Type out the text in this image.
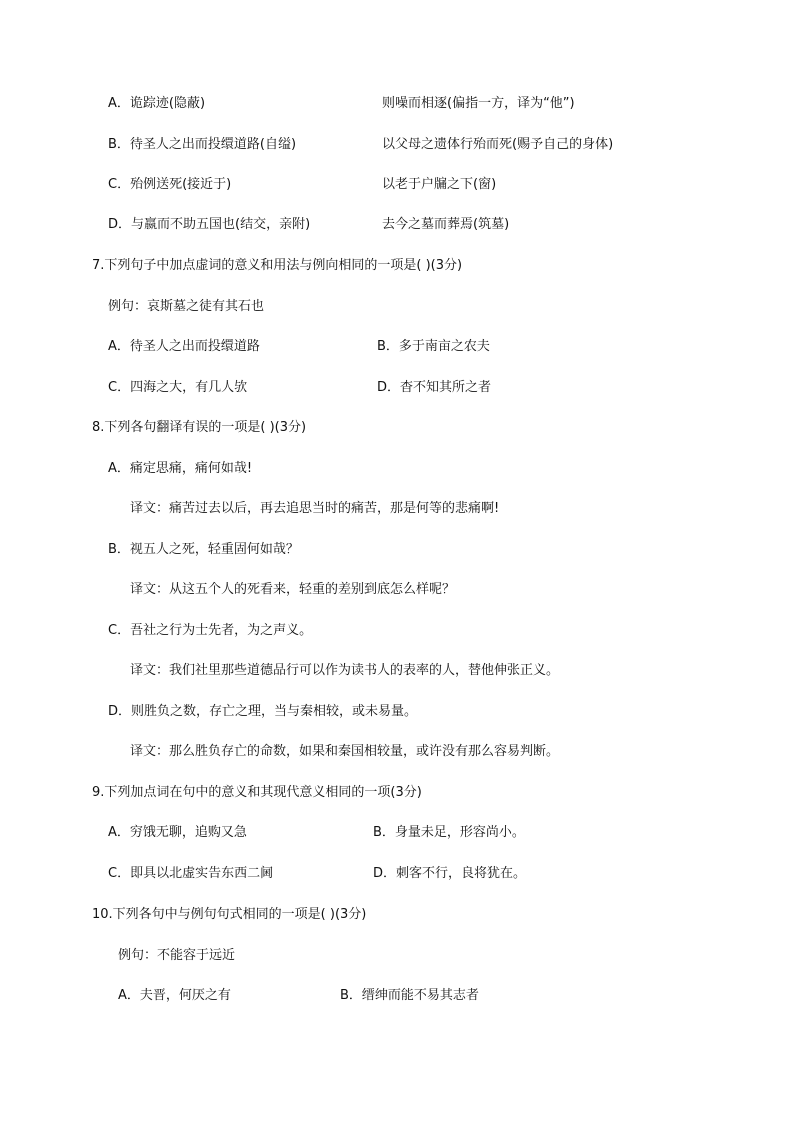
A．诡踪迹(隐蔽)	则噪而相逐(偏指一方，译为“他”)
B．待圣人之出而投缳道路(自缢)	以父母之遗体行殆而死(赐予自己的身体)
C．殆例送死(接近于)	以老于户牖之下(窗)
D．与嬴而不助五国也(结交，亲附)	去今之墓而葬焉(筑墓)
7.下列句子中加点虚词的意义和用法与例向相同的一项是( )(3分)
例句：哀斯墓之徒有其石也
A．待圣人之出而投缳道路	B．多于南亩之农夫
C．四海之大，有几人欤	D．杳不知其所之者
8.下列各句翻译有误的一项是( )(3分)
A．痛定思痛，痛何如哉!
译文：痛苦过去以后，再去追思当时的痛苦，那是何等的悲痛啊!
B．视五人之死，轻重固何如哉？
译文：从这五个人的死看来，轻重的差别到底怎么样呢？
C．吾社之行为士先者，为之声义。
译文：我们社里那些道德品行可以作为读书人的表率的人，替他伸张正义。
D．则胜负之数，存亡之理，当与秦相较，或未易量。
译文：那么胜负存亡的命数，如果和秦国相较量，或许没有那么容易判断。
9.下列加点词在句中的意义和其现代意义相同的一项(3分)
A．穷饿无聊，追购又急	B．身量未足，形容尚小。
C．即具以北虚实告东西二阃	D．刺客不行，良将犹在。
10.下列各句中与例句句式相同的一项是( )(3分)
例句：不能容于远近
A．夫晋，何厌之有	B．缙绅而能不易其志者
